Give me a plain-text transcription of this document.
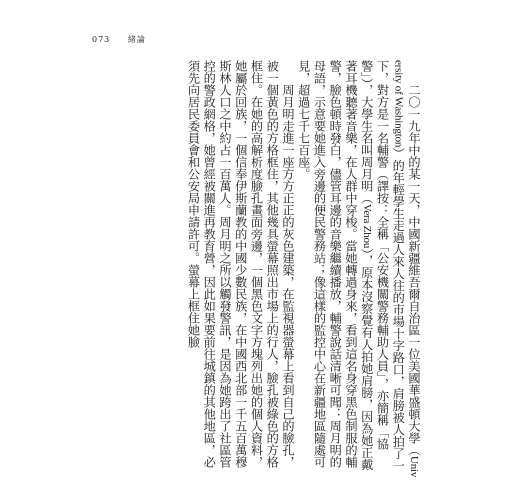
073 緒論

二〇一九年中的某一天，中國新疆維吾爾自治區一位美國華盛頓大學（University of Washington）的年輕學生走過人來人往的市場十字路口，肩膀被人拍了一下，對方是一名輔警（譯按：全稱「公安機關警務輔助人員」，亦簡稱「協警」），大學生名叫周月明（Vera Zhou），原本沒察覺有人拍她肩膀，因為她正戴著耳機聽著音樂，在人群中穿梭。當她轉過身來，看到這名身穿黑色制服的輔警，臉色頓時發白，儘管耳邊的音樂繼續播放，輔警說話清晰可聞：周月明的母語，示意要她進入旁邊的便民警務站；像這樣的監控中心在新疆地區隨處可見，超過七千七百座。

周月明走進一座方方正正的灰色建築，在監視器螢幕上看到自己的臉孔，被一個黃色的方格框住，其他幾具螢幕照出市場上的行人，臉孔被綠色的方格框住。在她的高解析度臉孔畫面旁邊，一個黑色文字方塊列出她的個人資料，她屬於回族，一個信奉伊斯蘭教的中國少數民族，在中國西北部一千五百萬穆斯林人口之中約占一百萬人。周月明之所以觸發警訊，是因為她跨出了社區管控的警政網格，她曾經被關進再教育營，因此如果要前往城鎮的其他地區，必須先向居民委員會和公安局申請許可。螢幕上框住她臉
